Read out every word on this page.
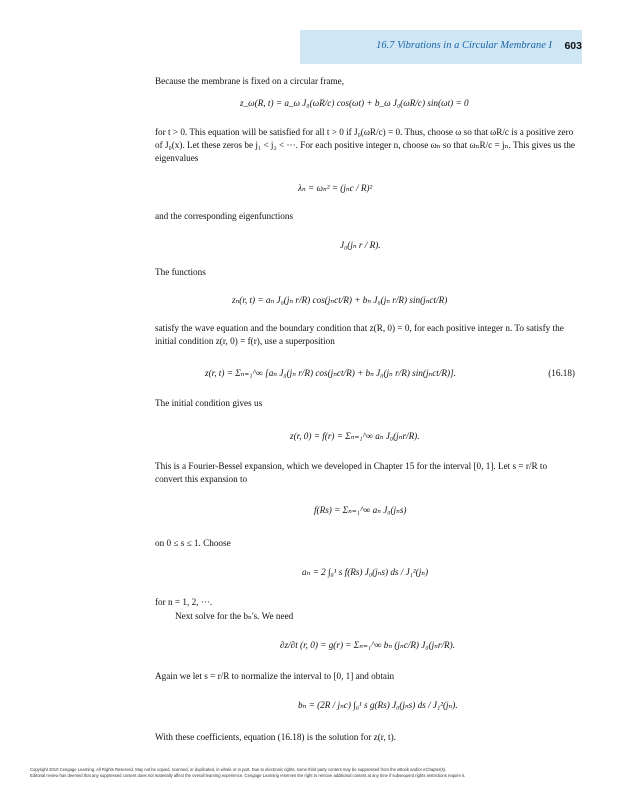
16.7 Vibrations in a Circular Membrane I 603
Because the membrane is fixed on a circular frame,
z_ω(R, t) = a_ω J₀(ωR/c) cos(ωt) + b_ω J₀(ωR/c) sin(ωt) = 0
for t > 0. This equation will be satisfied for all t > 0 if J₀(ωR/c) = 0. Thus, choose ω so that ωR/c is a positive zero of J₀(x). Let these zeros be j₁ < j₂ < ···. For each positive integer n, choose ωₙ so that ωₙR/c = jₙ. This gives us the eigenvalues
λₙ = ωₙ² = (jₙc / R)²
and the corresponding eigenfunctions
J₀(jₙ r / R).
The functions
zₙ(r, t) = aₙ J₀(jₙ r/R) cos(jₙct/R) + bₙ J₀(jₙ r/R) sin(jₙct/R)
satisfy the wave equation and the boundary condition that z(R, 0) = 0, for each positive integer n. To satisfy the initial condition z(r, 0) = f(r), use a superposition
z(r, t) = Σₙ₌₁^∞ [aₙ J₀(jₙ r/R) cos(jₙct/R) + bₙ J₀(jₙ r/R) sin(jₙct/R)].	(16.18)
The initial condition gives us
z(r, 0) = f(r) = Σₙ₌₁^∞ aₙ J₀(jₙr/R).
This is a Fourier-Bessel expansion, which we developed in Chapter 15 for the interval [0, 1]. Let s = r/R to convert this expansion to
f(Rs) = Σₙ₌₁^∞ aₙ J₀(jₙs)
on 0 ≤ s ≤ 1. Choose
aₙ = 2 ∫₀¹ s f(Rs) J₀(jₙs) ds / J₁²(jₙ)
for n = 1, 2, ···.
Next solve for the bₙ's. We need
∂z/∂t (r, 0) = g(r) = Σₙ₌₁^∞ bₙ (jₙc/R) J₀(jₙr/R).
Again we let s = r/R to normalize the interval to [0, 1] and obtain
bₙ = (2R / jₙc) ∫₀¹ s g(Rs) J₀(jₙs) ds / J₁²(jₙ).
With these coefficients, equation (16.18) is the solution for z(r, t).
Copyright 2010 Cengage Learning. All Rights Reserved. May not be copied, scanned, or duplicated, in whole or in part. Due to electronic rights, some third party content may be suppressed from the eBook and/or eChapter(s).
Editorial review has deemed that any suppressed content does not materially affect the overall learning experience. Cengage Learning reserves the right to remove additional content at any time if subsequent rights restrictions require it.
